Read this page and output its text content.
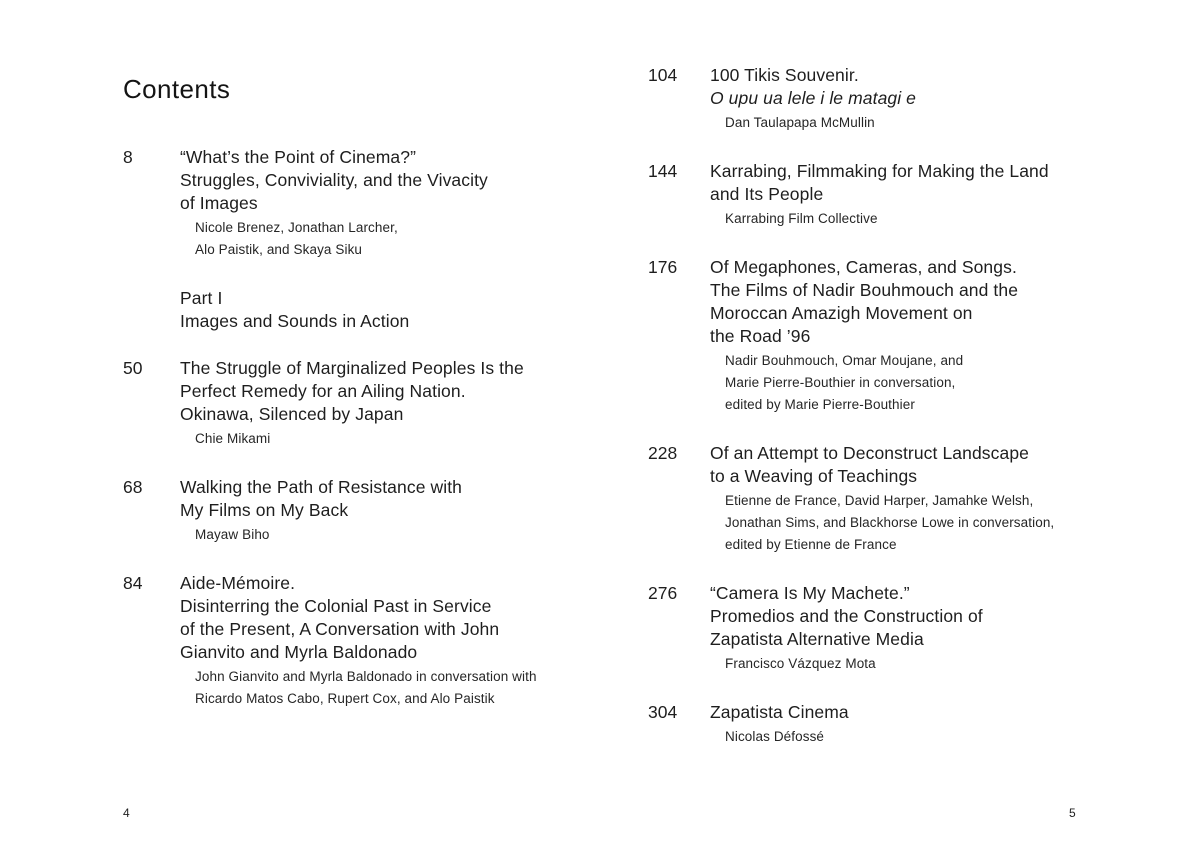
Contents
8	“What’s the Point of Cinema?”
Struggles, Conviviality, and the Vivacity
of Images
Nicole Brenez, Jonathan Larcher,
Alo Paistik, and Skaya Siku
Part I
Images and Sounds in Action
50	The Struggle of Marginalized Peoples Is the
Perfect Remedy for an Ailing Nation.
Okinawa, Silenced by Japan
Chie Mikami
68	Walking the Path of Resistance with
My Films on My Back
Mayaw Biho
84	Aide-Mémoire.
Disinterring the Colonial Past in Service
of the Present, A Conversation with John
Gianvito and Myrla Baldonado
John Gianvito and Myrla Baldonado in conversation with
Ricardo Matos Cabo, Rupert Cox, and Alo Paistik
104	100 Tikis Souvenir.
O upu ua lele i le matagi e
Dan Taulapapa McMullin
144	Karrabing, Filmmaking for Making the Land
and Its People
Karrabing Film Collective
176	Of Megaphones, Cameras, and Songs.
The Films of Nadir Bouhmouch and the
Moroccan Amazigh Movement on
the Road ’96
Nadir Bouhmouch, Omar Moujane, and
Marie Pierre-Bouthier in conversation,
edited by Marie Pierre-Bouthier
228	Of an Attempt to Deconstruct Landscape
to a Weaving of Teachings
Etienne de France, David Harper, Jamahke Welsh,
Jonathan Sims, and Blackhorse Lowe in conversation,
edited by Etienne de France
276	“Camera Is My Machete.”
Promedios and the Construction of
Zapatista Alternative Media
Francisco Vázquez Mota
304	Zapatista Cinema
Nicolas Défossé
4	5
